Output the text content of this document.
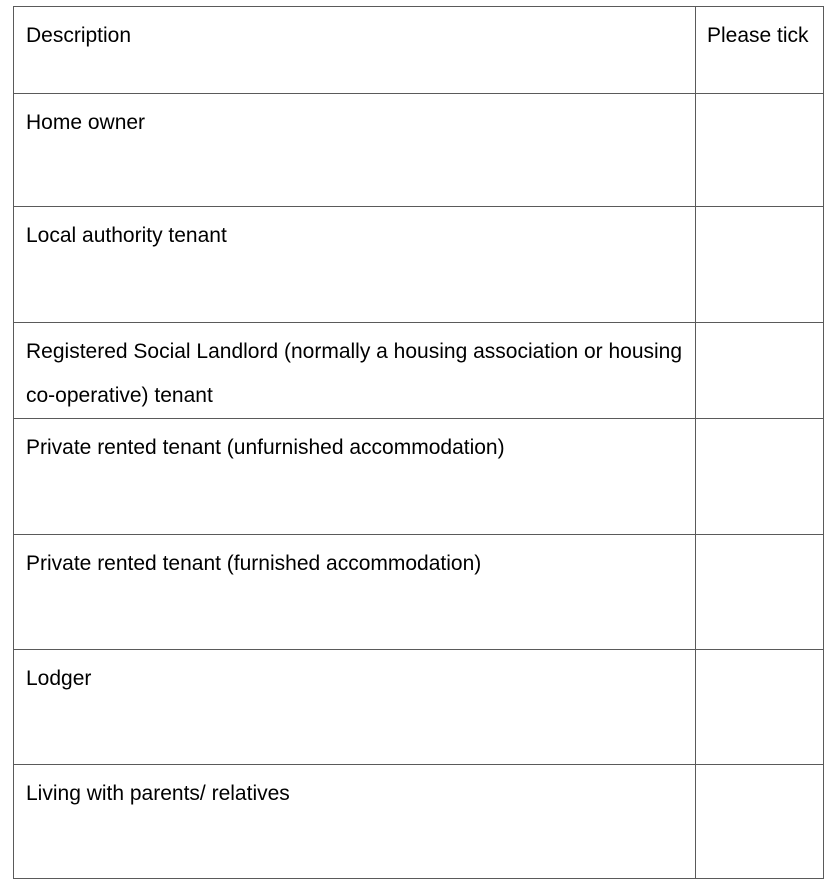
Description	Please tick

Home owner	

Local authority tenant	

Registered Social Landlord (normally a housing association or housing co-operative) tenant	

Private rented tenant (unfurnished accommodation)	

Private rented tenant (furnished accommodation)	

Lodger	

Living with parents/ relatives	
